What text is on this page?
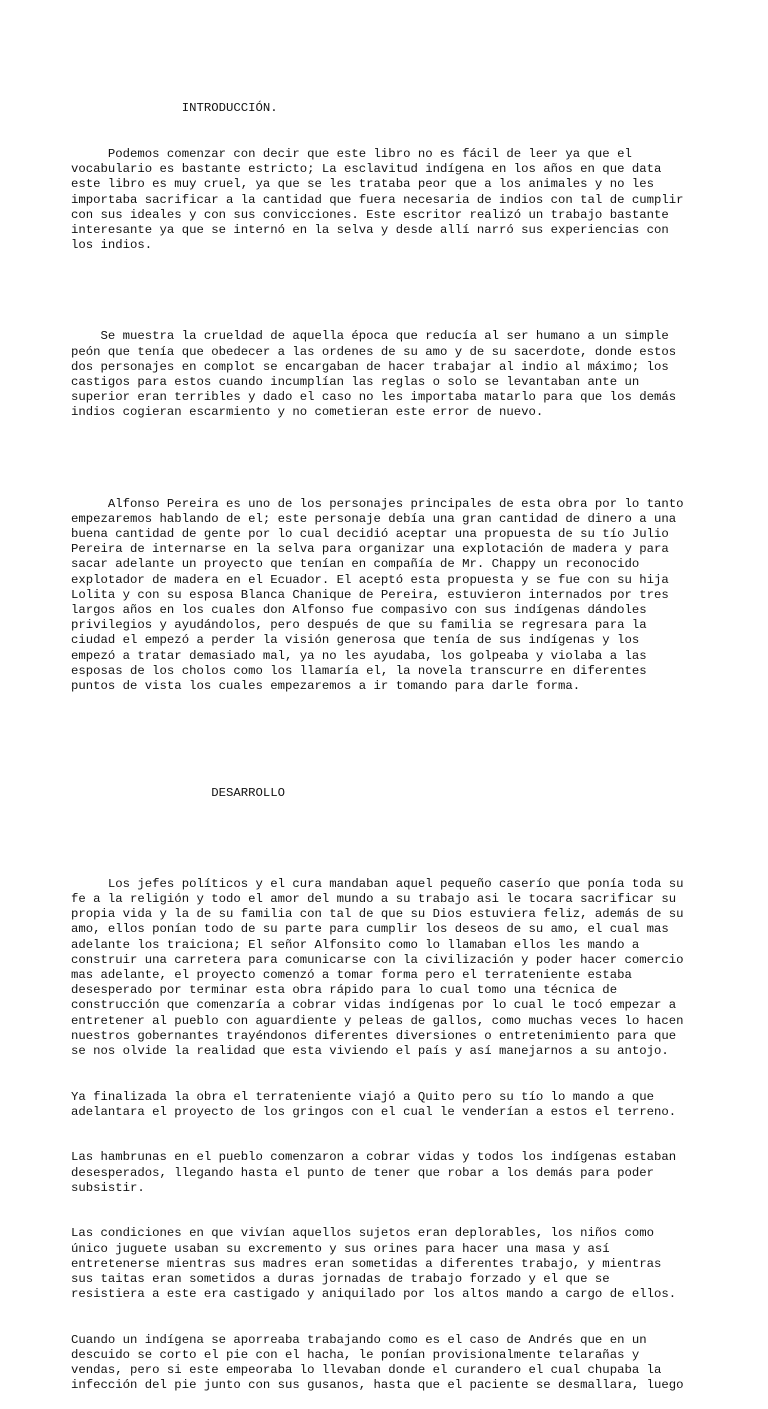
INTRODUCCIÓN.

Podemos comenzar con decir que este libro no es fácil de leer ya que el
vocabulario es bastante estricto; La esclavitud indígena en los años en que data
este libro es muy cruel, ya que se les trataba peor que a los animales y no les
importaba sacrificar a la cantidad que fuera necesaria de indios con tal de cumplir
con sus ideales y con sus convicciones. Este escritor realizó un trabajo bastante
interesante ya que se internó en la selva y desde allí narró sus experiencias con
los indios.

Se muestra la crueldad de aquella época que reducía al ser humano a un simple
peón que tenía que obedecer a las ordenes de su amo y de su sacerdote, donde estos
dos personajes en complot se encargaban de hacer trabajar al indio al máximo; los
castigos para estos cuando incumplían las reglas o solo se levantaban ante un
superior eran terribles y dado el caso no les importaba matarlo para que los demás
indios cogieran escarmiento y no cometieran este error de nuevo.

Alfonso Pereira es uno de los personajes principales de esta obra por lo tanto
empezaremos hablando de el; este personaje debía una gran cantidad de dinero a una
buena cantidad de gente por lo cual decidió aceptar una propuesta de su tío Julio
Pereira de internarse en la selva para organizar una explotación de madera y para
sacar adelante un proyecto que tenían en compañía de Mr. Chappy un reconocido
explotador de madera en el Ecuador. El aceptó esta propuesta y se fue con su hija
Lolita y con su esposa Blanca Chanique de Pereira, estuvieron internados por tres
largos años en los cuales don Alfonso fue compasivo con sus indígenas dándoles
privilegios y ayudándolos, pero después de que su familia se regresara para la
ciudad el empezó a perder la visión generosa que tenía de sus indígenas y los
empezó a tratar demasiado mal, ya no les ayudaba, los golpeaba y violaba a las
esposas de los cholos como los llamaría el, la novela transcurre en diferentes
puntos de vista los cuales empezaremos a ir tomando para darle forma.

DESARROLLO

Los jefes políticos y el cura mandaban aquel pequeño caserío que ponía toda su
fe a la religión y todo el amor del mundo a su trabajo asi le tocara sacrificar su
propia vida y la de su familia con tal de que su Dios estuviera feliz, además de su
amo, ellos ponían todo de su parte para cumplir los deseos de su amo, el cual mas
adelante los traiciona; El señor Alfonsito como lo llamaban ellos les mando a
construir una carretera para comunicarse con la civilización y poder hacer comercio
mas adelante, el proyecto comenzó a tomar forma pero el terrateniente estaba
desesperado por terminar esta obra rápido para lo cual tomo una técnica de
construcción que comenzaría a cobrar vidas indígenas por lo cual le tocó empezar a
entretener al pueblo con aguardiente y peleas de gallos, como muchas veces lo hacen
nuestros gobernantes trayéndonos diferentes diversiones o entretenimiento para que
se nos olvide la realidad que esta viviendo el país y así manejarnos a su antojo.

Ya finalizada la obra el terrateniente viajó a Quito pero su tío lo mando a que
adelantara el proyecto de los gringos con el cual le venderían a estos el terreno.

Las hambrunas en el pueblo comenzaron a cobrar vidas y todos los indígenas estaban
desesperados, llegando hasta el punto de tener que robar a los demás para poder
subsistir.

Las condiciones en que vivían aquellos sujetos eran deplorables, los niños como
único juguete usaban su excremento y sus orines para hacer una masa y así
entretenerse mientras sus madres eran sometidas a diferentes trabajo, y mientras
sus taitas eran sometidos a duras jornadas de trabajo forzado y el que se
resistiera a este era castigado y aniquilado por los altos mando a cargo de ellos.

Cuando un indígena se aporreaba trabajando como es el caso de Andrés que en un
descuido se corto el pie con el hacha, le ponían provisionalmente telarañas y
vendas, pero si este empeoraba lo llevaban donde el curandero el cual chupaba la
infección del pie junto con sus gusanos, hasta que el paciente se desmallara, luego
